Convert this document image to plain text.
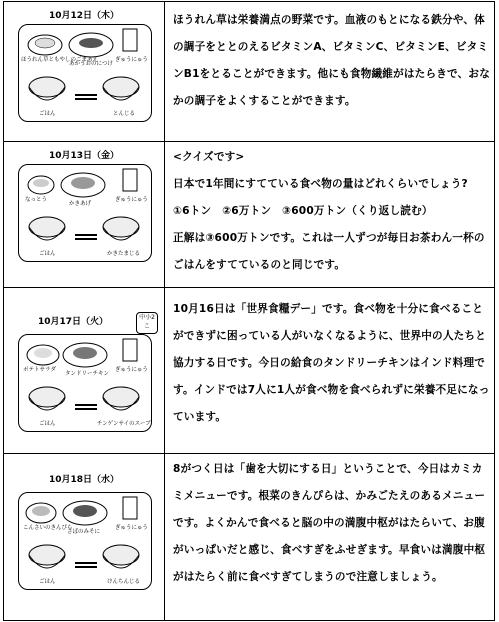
10月12日（木）
ほうれん草ともやしのごまあえ
あかうおのにつけ
ぎゅうにゅう
ごはん	とんじる

ほうれん草は栄養満点の野菜です。血液のもとになる鉄分や、体の調子をととのえるビタミンA、ビタミンC、ビタミンE、ビタミンB1をとることができます。他にも食物繊維がはたらきで、おなかの調子をよくすることができます。

10月13日（金）
なっとう
かきあげ
ぎゅうにゅう
ごはん	かきたまじる

<クイズです>

日本で1年間にすてている食べ物の量はどれくらいでしょう?

①6トン　②6万トン　③600万トン（くり返し読む）

正解は③600万トンです。これは一人ずつが毎日お茶わん一杯のごはんをすてているのと同じです。

10月17日（火）	中小2こ
ポテトサラダ
タンドリーチキン
ぎゅうにゅう
ごはん	チンゲンサイのスープ

10月16日は「世界食糧デー」です。食べ物を十分に食べることができずに困っている人がいなくなるように、世界中の人たちと協力する日です。今日の給食のタンドリーチキンはインド料理です。インドでは7人に1人が食べ物を食べられずに栄養不足になっています。

10月18日（水）
こんさいのきんぴら
さばのみそに
ぎゅうにゅう
ごはん	けんちんじる

8がつく日は「歯を大切にする日」ということで、今日はカミカミメニューです。根菜のきんぴらは、かみごたえのあるメニューです。よくかんで食べると脳の中の満腹中枢がはたらいて、お腹がいっぱいだと感じ、食べすぎをふせぎます。早食いは満腹中枢がはたらく前に食べすぎてしまうので注意しましょう。
